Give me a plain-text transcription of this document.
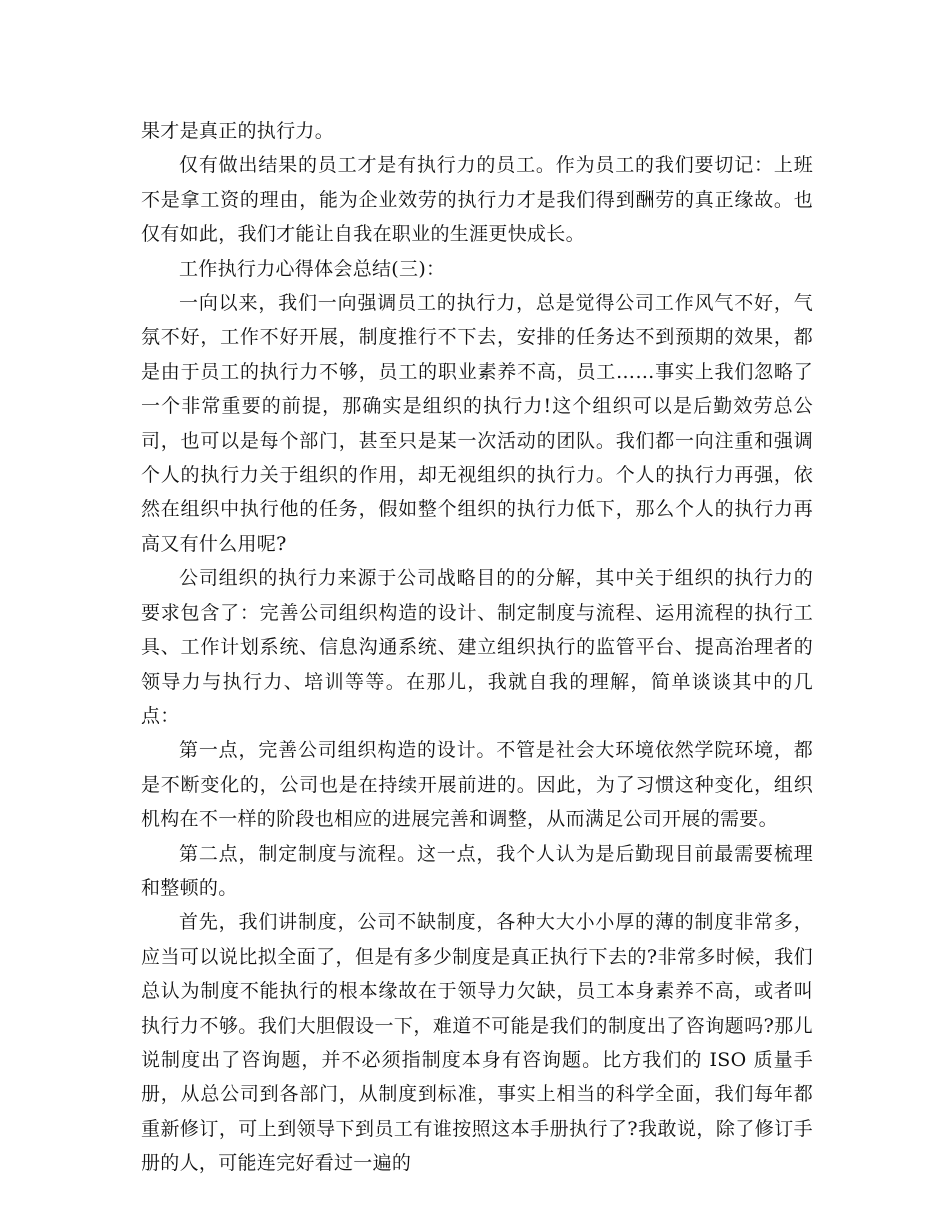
果才是真正的执行力。

仅有做出结果的员工才是有执行力的员工。作为员工的我们要切记：上班不是拿工资的理由，能为企业效劳的执行力才是我们得到酬劳的真正缘故。也仅有如此，我们才能让自我在职业的生涯更快成长。

工作执行力心得体会总结(三)：

一向以来，我们一向强调员工的执行力，总是觉得公司工作风气不好，气氛不好，工作不好开展，制度推行不下去，安排的任务达不到预期的效果，都是由于员工的执行力不够，员工的职业素养不高，员工……事实上我们忽略了一个非常重要的前提，那确实是组织的执行力!这个组织可以是后勤效劳总公司，也可以是每个部门，甚至只是某一次活动的团队。我们都一向注重和强调个人的执行力关于组织的作用，却无视组织的执行力。个人的执行力再强，依然在组织中执行他的任务，假如整个组织的执行力低下，那么个人的执行力再高又有什么用呢?

公司组织的执行力来源于公司战略目的的分解，其中关于组织的执行力的要求包含了：完善公司组织构造的设计、制定制度与流程、运用流程的执行工具、工作计划系统、信息沟通系统、建立组织执行的监管平台、提高治理者的领导力与执行力、培训等等。在那儿，我就自我的理解，简单谈谈其中的几点：

第一点，完善公司组织构造的设计。不管是社会大环境依然学院环境，都是不断变化的，公司也是在持续开展前进的。因此，为了习惯这种变化，组织机构在不一样的阶段也相应的进展完善和调整，从而满足公司开展的需要。

第二点，制定制度与流程。这一点，我个人认为是后勤现目前最需要梳理和整顿的。

首先，我们讲制度，公司不缺制度，各种大大小小厚的薄的制度非常多，应当可以说比拟全面了，但是有多少制度是真正执行下去的?非常多时候，我们总认为制度不能执行的根本缘故在于领导力欠缺，员工本身素养不高，或者叫执行力不够。我们大胆假设一下，难道不可能是我们的制度出了咨询题吗?那儿说制度出了咨询题，并不必须指制度本身有咨询题。比方我们的 ISO 质量手册，从总公司到各部门，从制度到标准，事实上相当的科学全面，我们每年都重新修订，可上到领导下到员工有谁按照这本手册执行了?我敢说，除了修订手册的人，可能连完好看过一遍的
